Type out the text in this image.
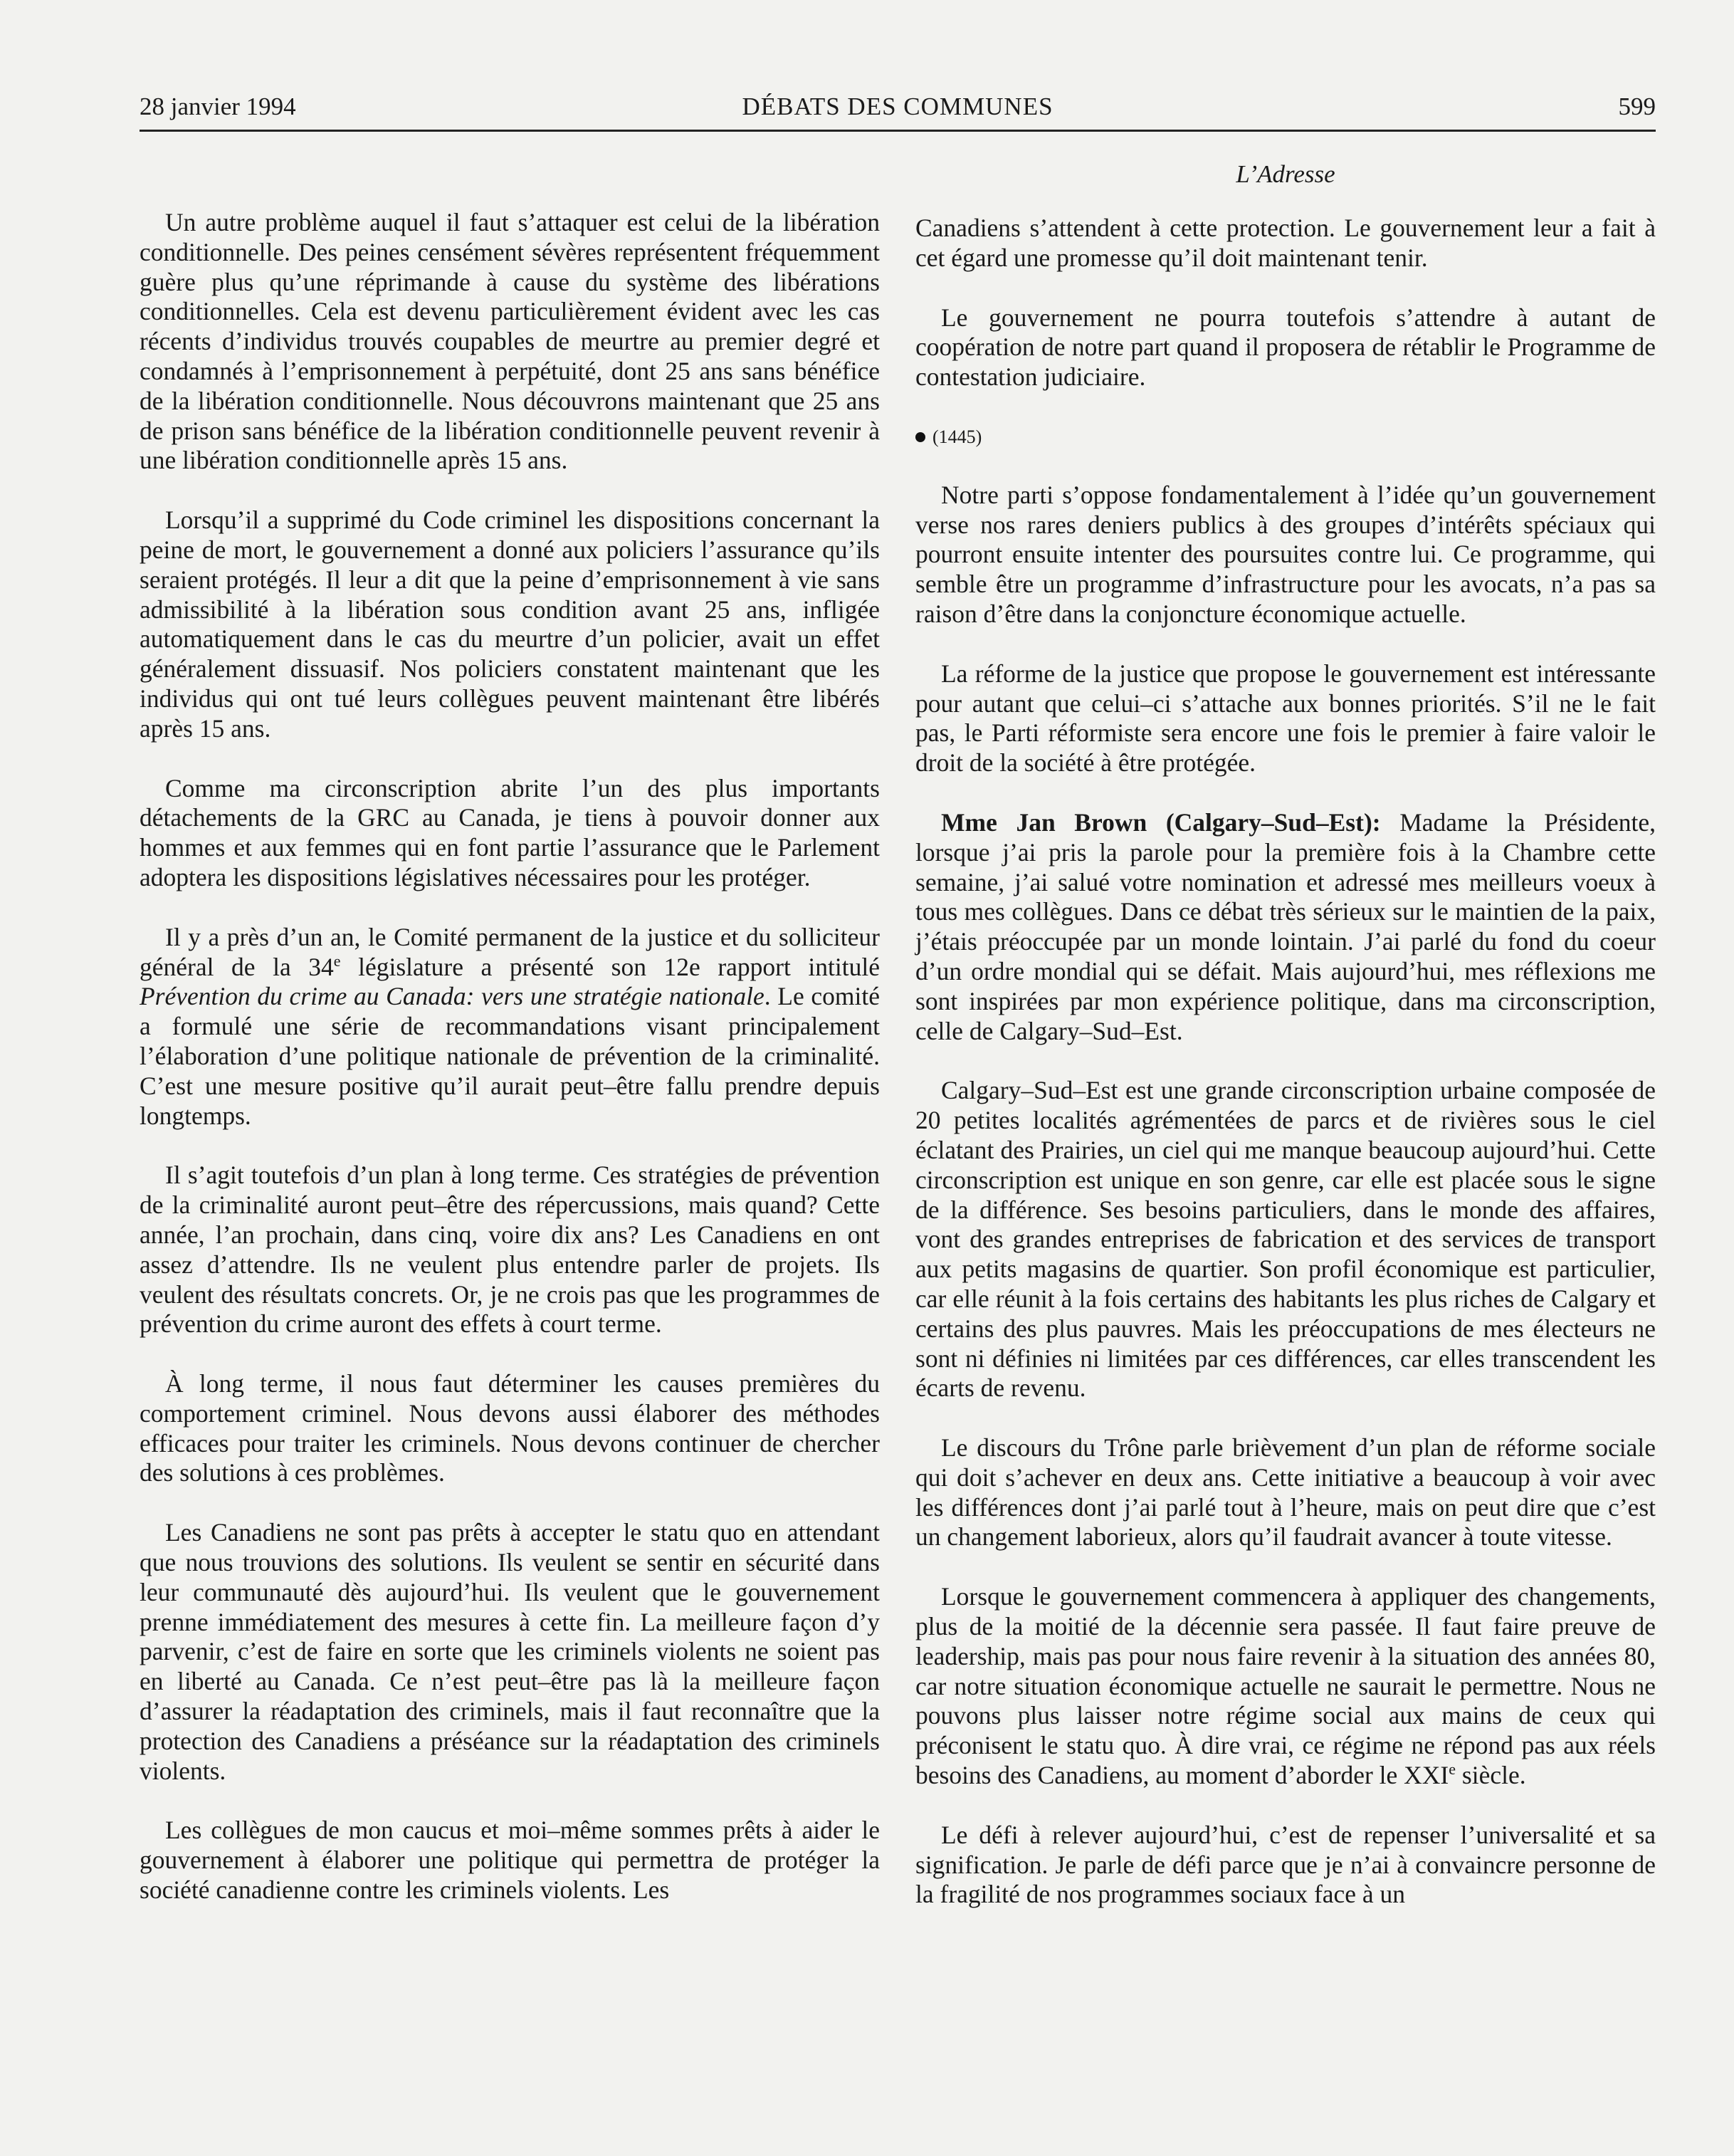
28 janvier 1994	DÉBATS DES COMMUNES	599
L’Adresse

Un autre problème auquel il faut s’attaquer est celui de la libération conditionnelle. Des peines censément sévères représentent fréquemment guère plus qu’une réprimande à cause du système des libérations conditionnelles. Cela est devenu particulièrement évident avec les cas récents d’individus trouvés coupables de meurtre au premier degré et condamnés à l’emprisonnement à perpétuité, dont 25 ans sans bénéfice de la libération conditionnelle. Nous découvrons maintenant que 25 ans de prison sans bénéfice de la libération conditionnelle peuvent revenir à une libération conditionnelle après 15 ans.

Lorsqu’il a supprimé du Code criminel les dispositions concernant la peine de mort, le gouvernement a donné aux policiers l’assurance qu’ils seraient protégés. Il leur a dit que la peine d’emprisonnement à vie sans admissibilité à la libération sous condition avant 25 ans, infligée automatiquement dans le cas du meurtre d’un policier, avait un effet généralement dissuasif. Nos policiers constatent maintenant que les individus qui ont tué leurs collègues peuvent maintenant être libérés après 15 ans.

Comme ma circonscription abrite l’un des plus importants détachements de la GRC au Canada, je tiens à pouvoir donner aux hommes et aux femmes qui en font partie l’assurance que le Parlement adoptera les dispositions législatives nécessaires pour les protéger.

Il y a près d’un an, le Comité permanent de la justice et du solliciteur général de la 34e législature a présenté son 12e rapport intitulé Prévention du crime au Canada: vers une stratégie nationale. Le comité a formulé une série de recommandations visant principalement l’élaboration d’une politique nationale de prévention de la criminalité. C’est une mesure positive qu’il aurait peut–être fallu prendre depuis longtemps.

Il s’agit toutefois d’un plan à long terme. Ces stratégies de prévention de la criminalité auront peut–être des répercussions, mais quand? Cette année, l’an prochain, dans cinq, voire dix ans? Les Canadiens en ont assez d’attendre. Ils ne veulent plus entendre parler de projets. Ils veulent des résultats concrets. Or, je ne crois pas que les programmes de prévention du crime auront des effets à court terme.

À long terme, il nous faut déterminer les causes premières du comportement criminel. Nous devons aussi élaborer des méthodes efficaces pour traiter les criminels. Nous devons continuer de chercher des solutions à ces problèmes.

Les Canadiens ne sont pas prêts à accepter le statu quo en attendant que nous trouvions des solutions. Ils veulent se sentir en sécurité dans leur communauté dès aujourd’hui. Ils veulent que le gouvernement prenne immédiatement des mesures à cette fin. La meilleure façon d’y parvenir, c’est de faire en sorte que les criminels violents ne soient pas en liberté au Canada. Ce n’est peut–être pas là la meilleure façon d’assurer la réadaptation des criminels, mais il faut reconnaître que la protection des Canadiens a préséance sur la réadaptation des criminels violents.

Les collègues de mon caucus et moi–même sommes prêts à aider le gouvernement à élaborer une politique qui permettra de protéger la société canadienne contre les criminels violents. Les

Canadiens s’attendent à cette protection. Le gouvernement leur a fait à cet égard une promesse qu’il doit maintenant tenir.

Le gouvernement ne pourra toutefois s’attendre à autant de coopération de notre part quand il proposera de rétablir le Programme de contestation judiciaire.

(1445)

Notre parti s’oppose fondamentalement à l’idée qu’un gouvernement verse nos rares deniers publics à des groupes d’intérêts spéciaux qui pourront ensuite intenter des poursuites contre lui. Ce programme, qui semble être un programme d’infrastructure pour les avocats, n’a pas sa raison d’être dans la conjoncture économique actuelle.

La réforme de la justice que propose le gouvernement est intéressante pour autant que celui–ci s’attache aux bonnes priorités. S’il ne le fait pas, le Parti réformiste sera encore une fois le premier à faire valoir le droit de la société à être protégée.

Mme Jan Brown (Calgary–Sud–Est): Madame la Présidente, lorsque j’ai pris la parole pour la première fois à la Chambre cette semaine, j’ai salué votre nomination et adressé mes meilleurs voeux à tous mes collègues. Dans ce débat très sérieux sur le maintien de la paix, j’étais préoccupée par un monde lointain. J’ai parlé du fond du coeur d’un ordre mondial qui se défait. Mais aujourd’hui, mes réflexions me sont inspirées par mon expérience politique, dans ma circonscription, celle de Calgary–Sud–Est.

Calgary–Sud–Est est une grande circonscription urbaine composée de 20 petites localités agrémentées de parcs et de rivières sous le ciel éclatant des Prairies, un ciel qui me manque beaucoup aujourd’hui. Cette circonscription est unique en son genre, car elle est placée sous le signe de la différence. Ses besoins particuliers, dans le monde des affaires, vont des grandes entreprises de fabrication et des services de transport aux petits magasins de quartier. Son profil économique est particulier, car elle réunit à la fois certains des habitants les plus riches de Calgary et certains des plus pauvres. Mais les préoccupations de mes électeurs ne sont ni définies ni limitées par ces différences, car elles transcendent les écarts de revenu.

Le discours du Trône parle brièvement d’un plan de réforme sociale qui doit s’achever en deux ans. Cette initiative a beaucoup à voir avec les différences dont j’ai parlé tout à l’heure, mais on peut dire que c’est un changement laborieux, alors qu’il faudrait avancer à toute vitesse.

Lorsque le gouvernement commencera à appliquer des changements, plus de la moitié de la décennie sera passée. Il faut faire preuve de leadership, mais pas pour nous faire revenir à la situation des années 80, car notre situation économique actuelle ne saurait le permettre. Nous ne pouvons plus laisser notre régime social aux mains de ceux qui préconisent le statu quo. À dire vrai, ce régime ne répond pas aux réels besoins des Canadiens, au moment d’aborder le XXIe siècle.

Le défi à relever aujourd’hui, c’est de repenser l’universalité et sa signification. Je parle de défi parce que je n’ai à convaincre personne de la fragilité de nos programmes sociaux face à un
